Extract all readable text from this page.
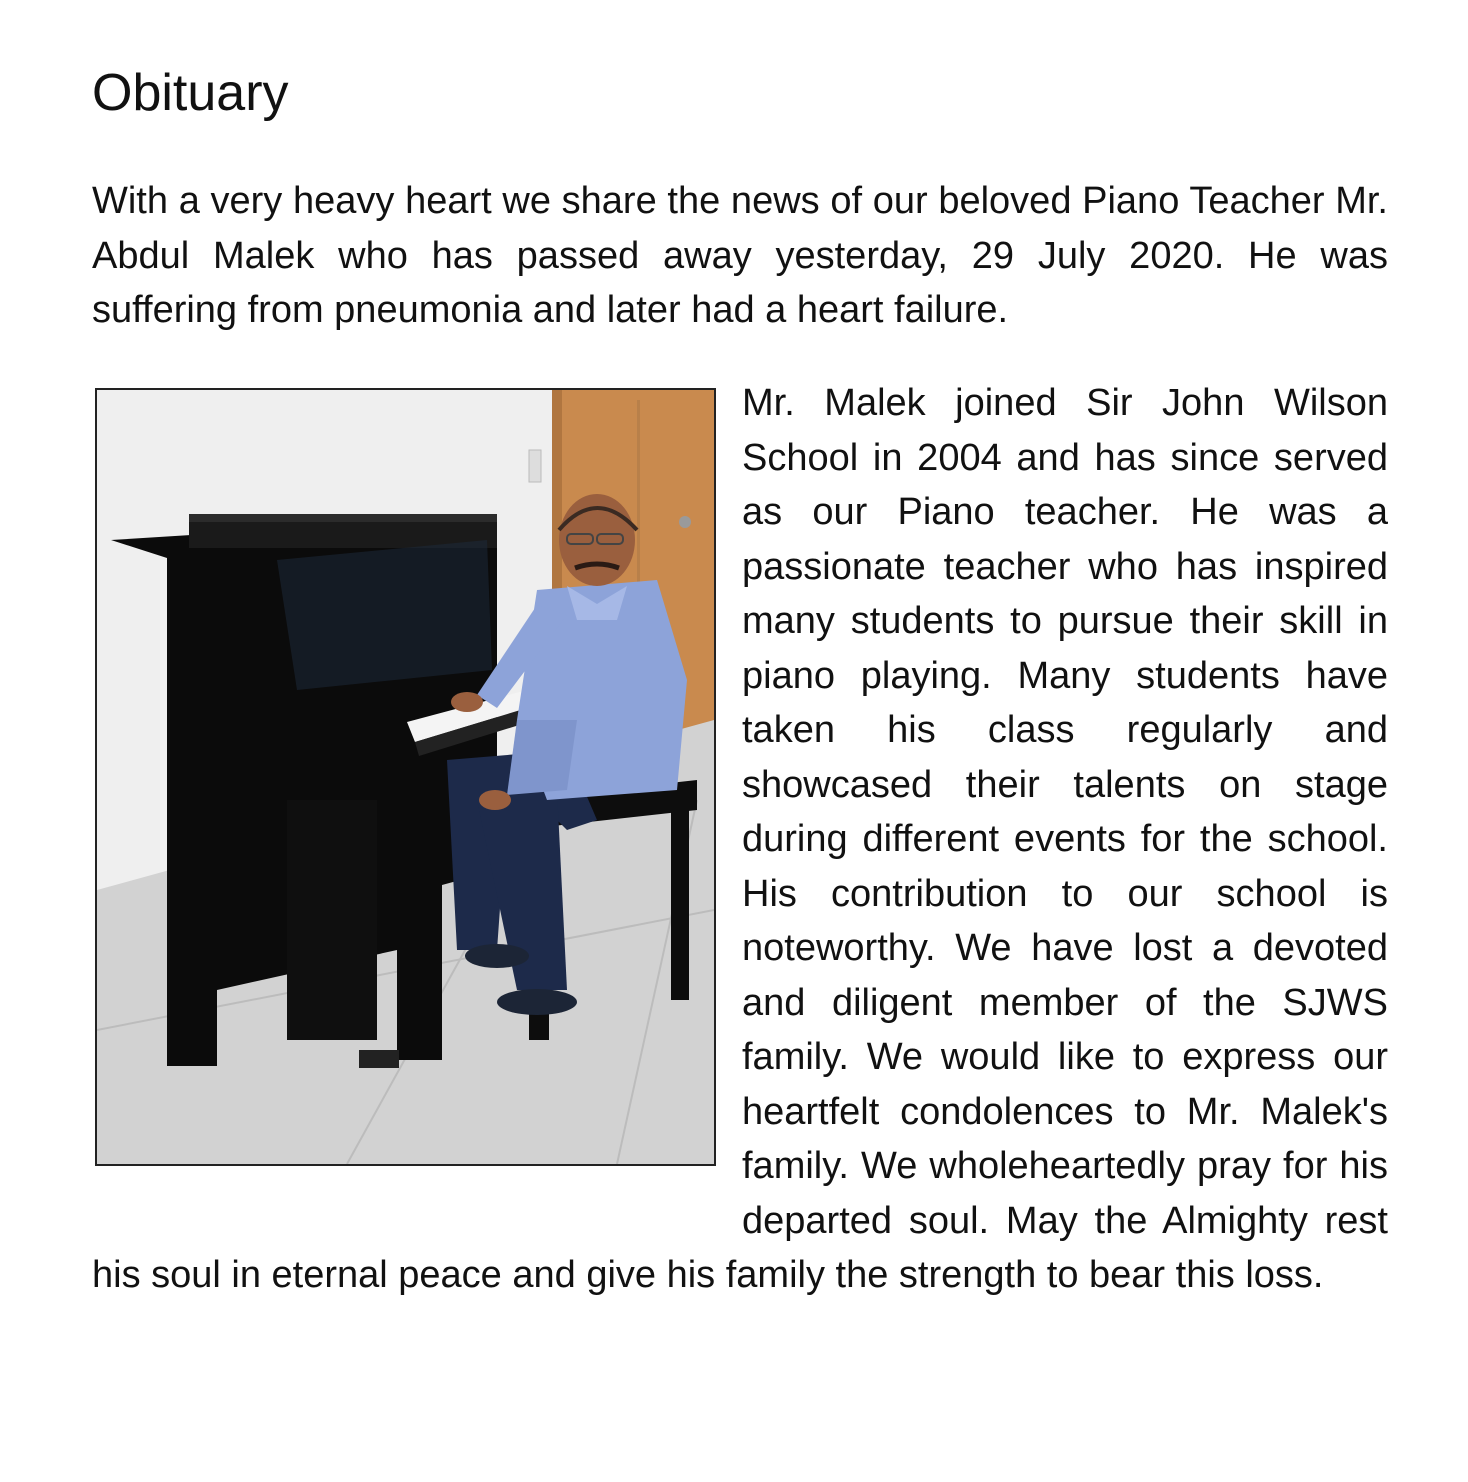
Obituary

With a very heavy heart we share the news of our beloved Piano Teacher Mr. Abdul Malek who has passed away yesterday, 29 July 2020. He was suffering from pneumonia and later had a heart failure.

Mr. Malek joined Sir John Wilson School in 2004 and has since served as our Piano teacher. He was a passionate teacher who has inspired many students to pursue their skill in piano playing. Many students have taken his class regularly and showcased their talents on stage during different events for the school. His contribution to our school is noteworthy. We have lost a devoted and diligent member of the SJWS family. We would like to express our heartfelt condolences to Mr. Malek's family. We wholeheartedly pray for his departed soul. May the Almighty rest his soul in eternal peace and give his family the strength to bear this loss.
